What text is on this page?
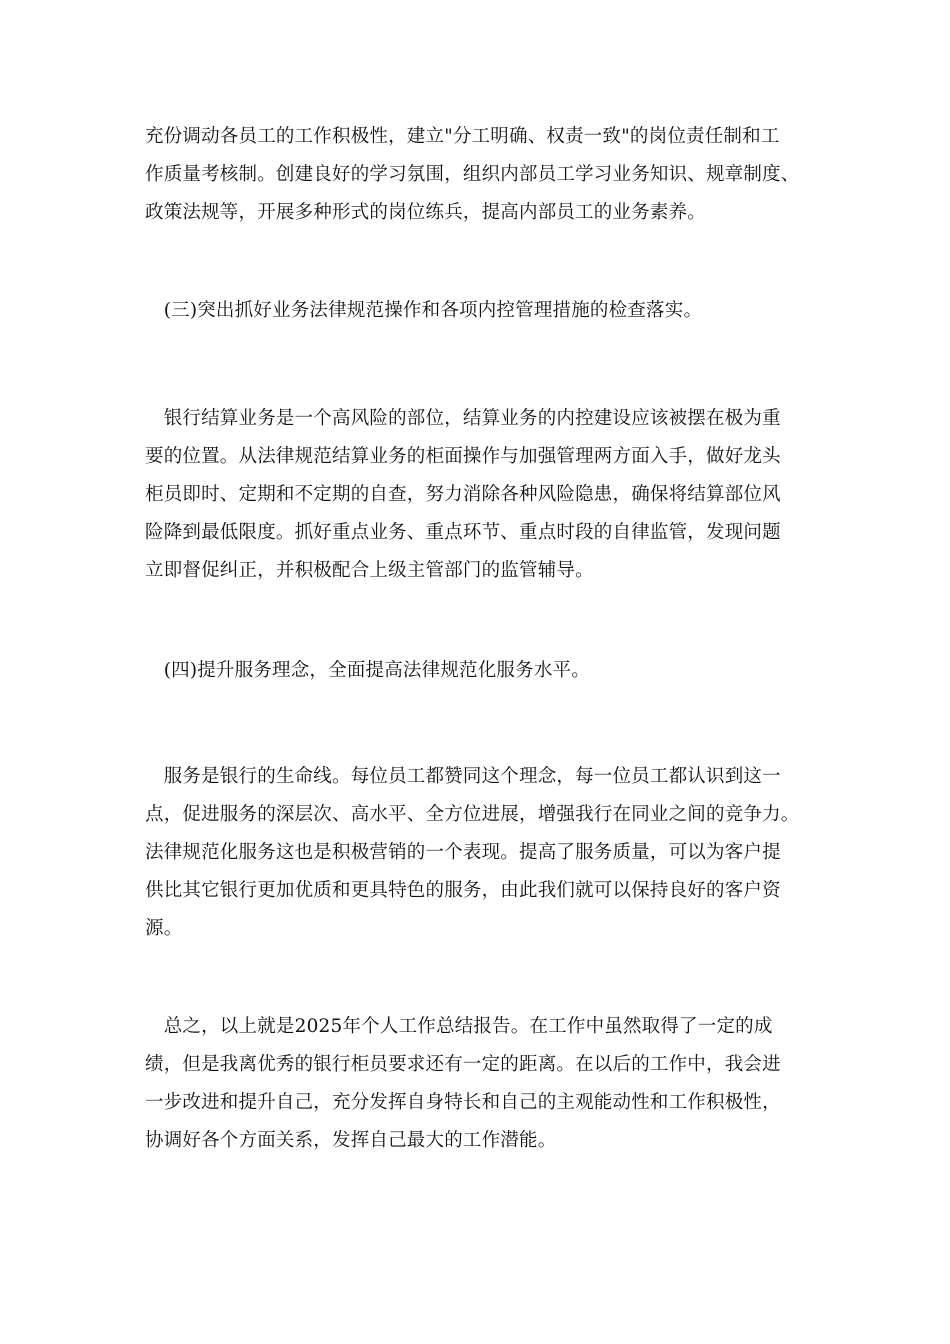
充份调动各员工的工作积极性，建立"分工明确、权责一致"的岗位责任制和工
作质量考核制。创建良好的学习氛围，组织内部员工学习业务知识、规章制度、
政策法规等，开展多种形式的岗位练兵，提高内部员工的业务素养。

　(三)突出抓好业务法律规范操作和各项内控管理措施的检查落实。

　银行结算业务是一个高风险的部位，结算业务的内控建设应该被摆在极为重
要的位置。从法律规范结算业务的柜面操作与加强管理两方面入手，做好龙头
柜员即时、定期和不定期的自查，努力消除各种风险隐患，确保将结算部位风
险降到最低限度。抓好重点业务、重点环节、重点时段的自律监管，发现问题
立即督促纠正，并积极配合上级主管部门的监管辅导。

　(四)提升服务理念，全面提高法律规范化服务水平。

　服务是银行的生命线。每位员工都赞同这个理念，每一位员工都认识到这一
点，促进服务的深层次、高水平、全方位进展，增强我行在同业之间的竞争力。
法律规范化服务这也是积极营销的一个表现。提高了服务质量，可以为客户提
供比其它银行更加优质和更具特色的服务，由此我们就可以保持良好的客户资
源。

　总之，以上就是2025年个人工作总结报告。在工作中虽然取得了一定的成
绩，但是我离优秀的银行柜员要求还有一定的距离。在以后的工作中，我会进
一步改进和提升自己，充分发挥自身特长和自己的主观能动性和工作积极性，
协调好各个方面关系，发挥自己最大的工作潜能。
